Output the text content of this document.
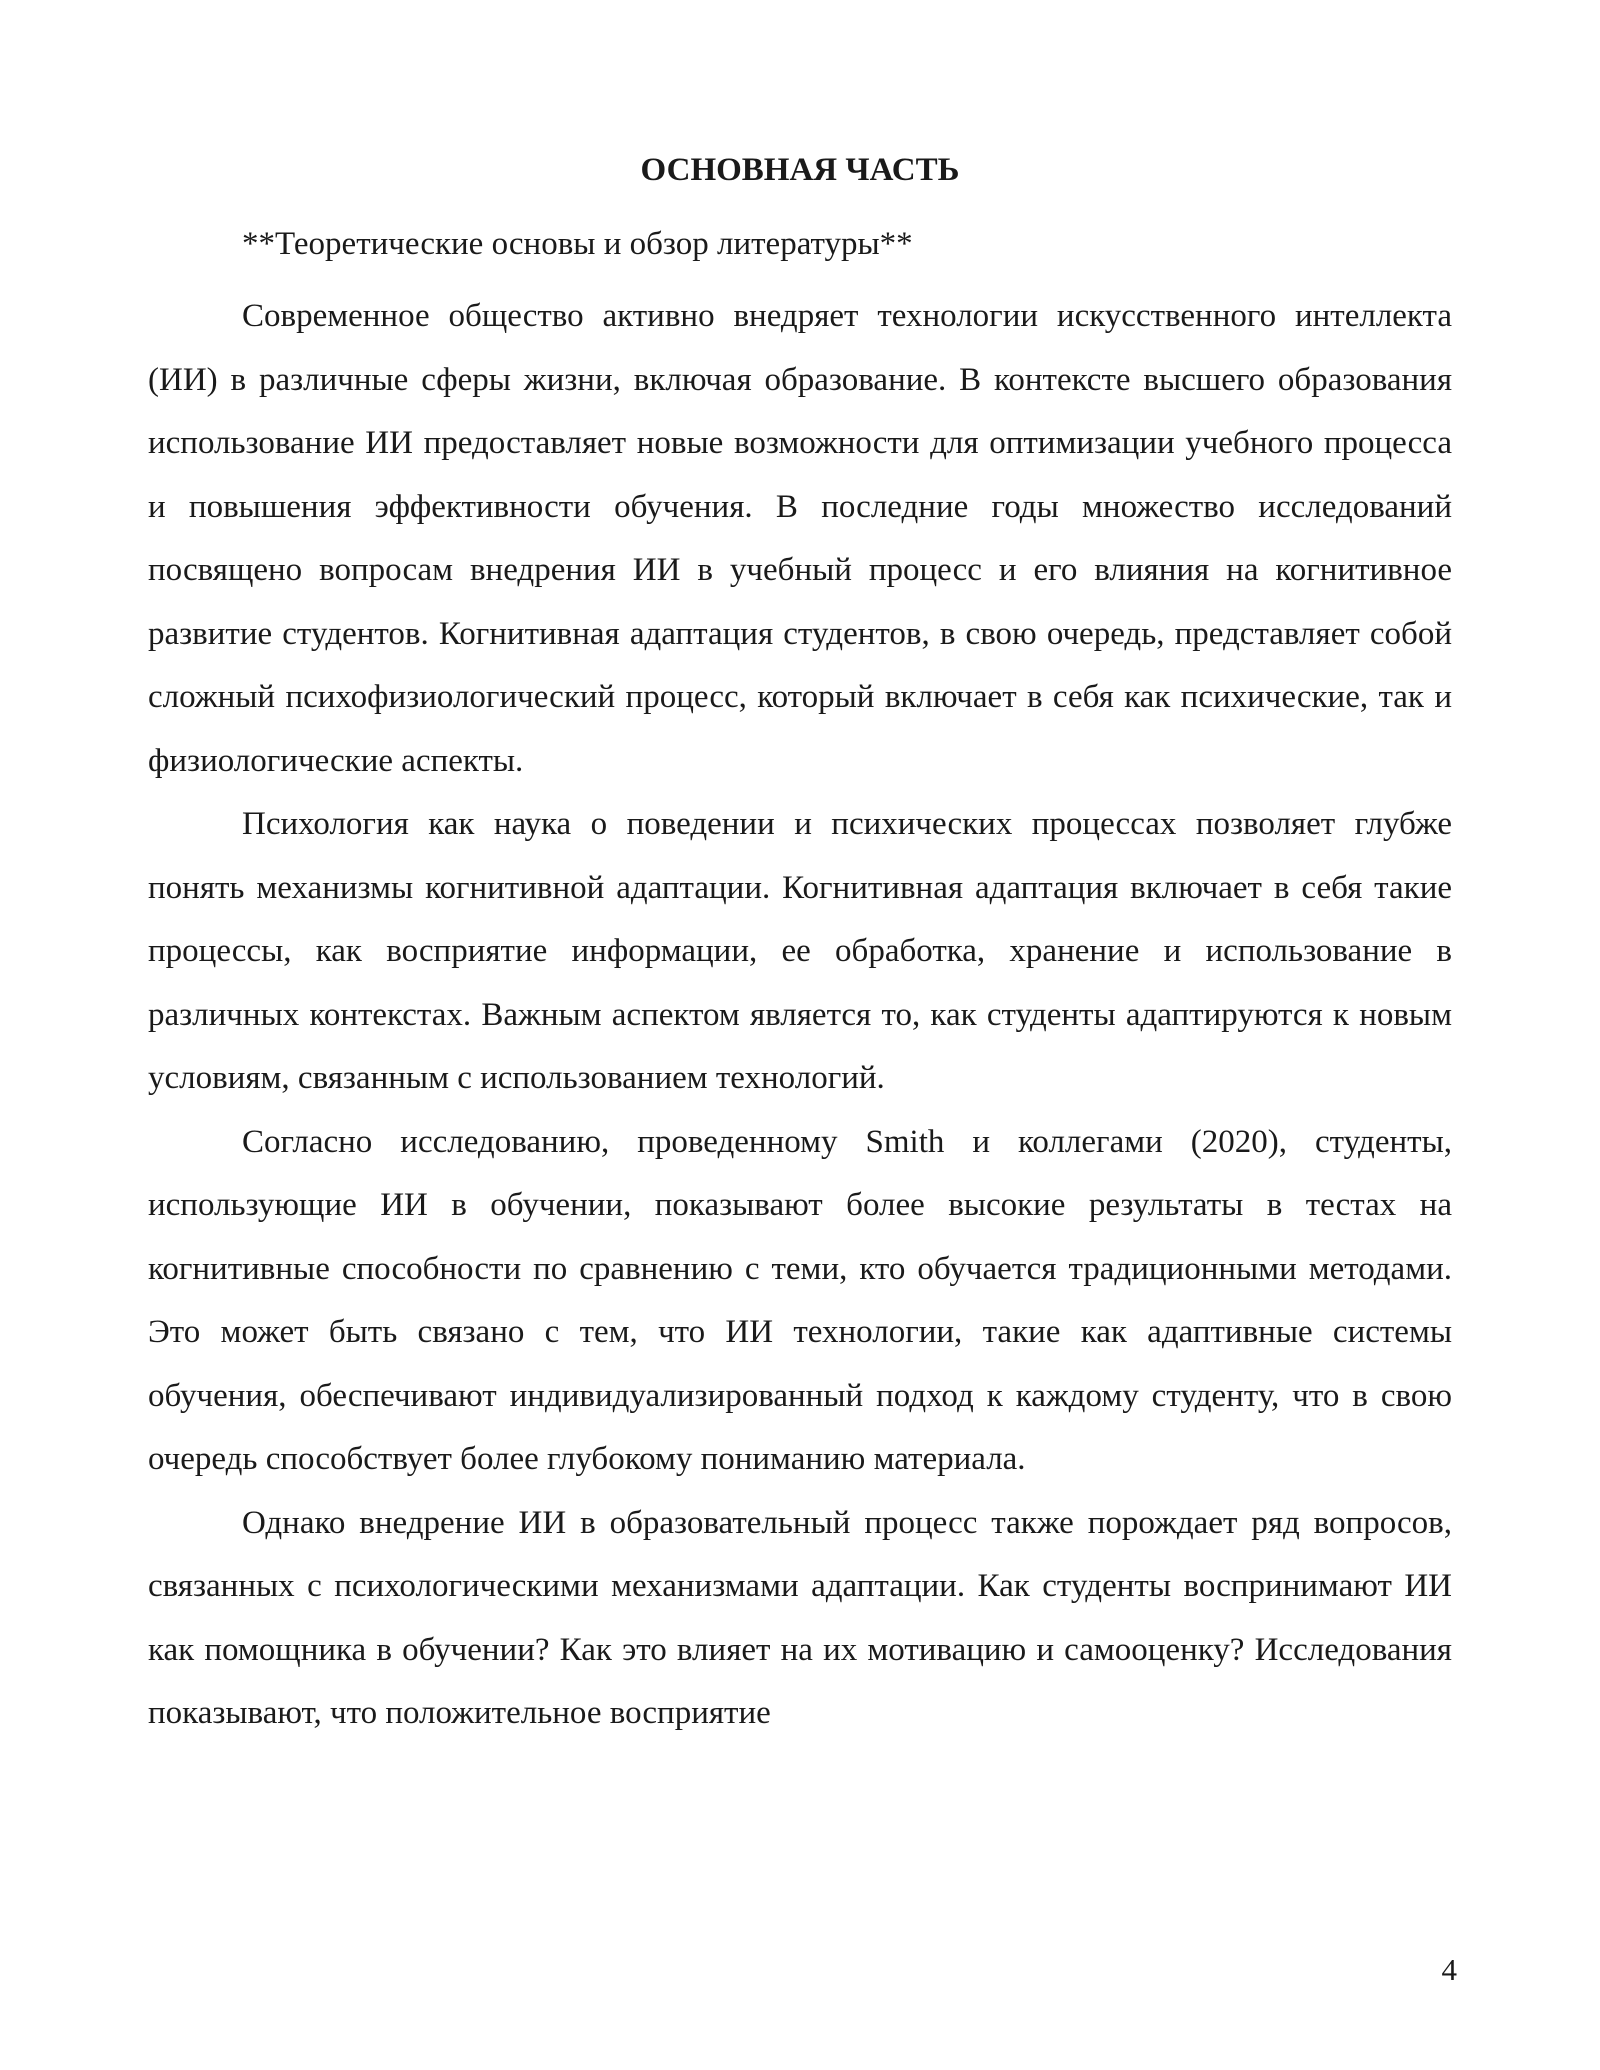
ОСНОВНАЯ ЧАСТЬ

**Теоретические основы и обзор литературы**

Современное общество активно внедряет технологии искусственного интеллекта (ИИ) в различные сферы жизни, включая образование. В контексте высшего образования использование ИИ предоставляет новые возможности для оптимизации учебного процесса и повышения эффективности обучения. В последние годы множество исследований посвящено вопросам внедрения ИИ в учебный процесс и его влияния на когнитивное развитие студентов. Когнитивная адаптация студентов, в свою очередь, представляет собой сложный психофизиологический процесс, который включает в себя как психические, так и физиологические аспекты.

Психология как наука о поведении и психических процессах позволяет глубже понять механизмы когнитивной адаптации. Когнитивная адаптация включает в себя такие процессы, как восприятие информации, ее обработка, хранение и использование в различных контекстах. Важным аспектом является то, как студенты адаптируются к новым условиям, связанным с использованием технологий.

Согласно исследованию, проведенному Smith и коллегами (2020), студенты, использующие ИИ в обучении, показывают более высокие результаты в тестах на когнитивные способности по сравнению с теми, кто обучается традиционными методами. Это может быть связано с тем, что ИИ технологии, такие как адаптивные системы обучения, обеспечивают индивидуализированный подход к каждому студенту, что в свою очередь способствует более глубокому пониманию материала.

Однако внедрение ИИ в образовательный процесс также порождает ряд вопросов, связанных с психологическими механизмами адаптации. Как студенты воспринимают ИИ как помощника в обучении? Как это влияет на их мотивацию и самооценку? Исследования показывают, что положительное восприятие

4
